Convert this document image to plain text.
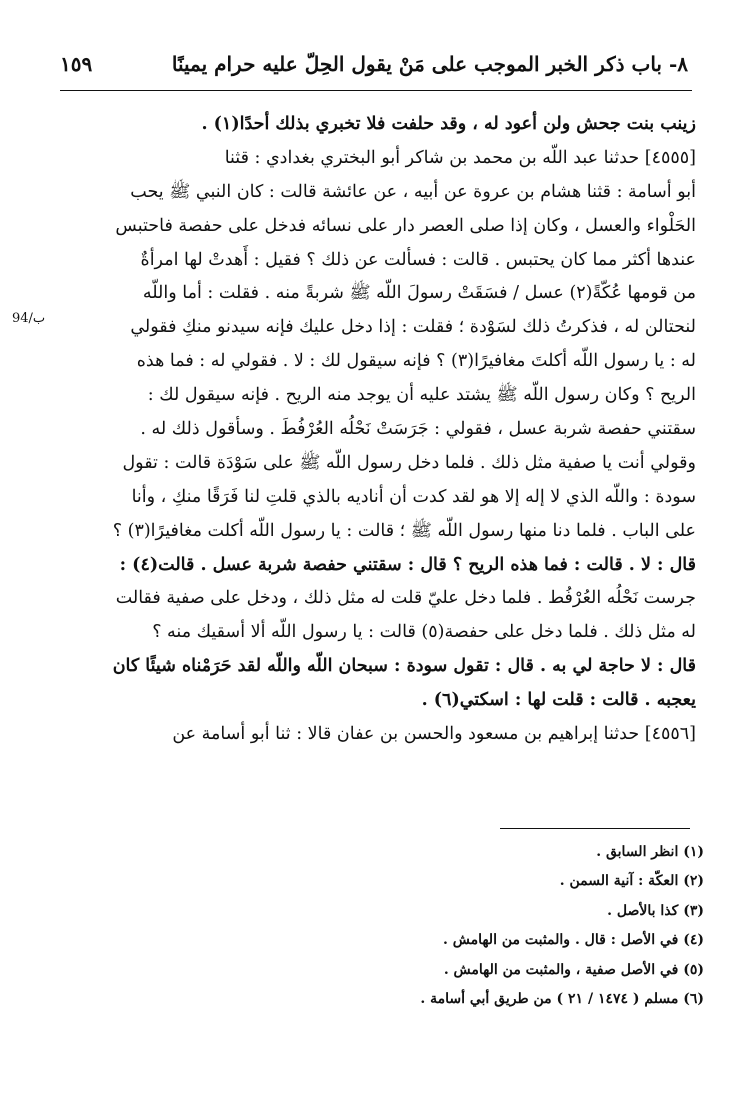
٨- باب ذكر الخبر الموجب على مَنْ يقول الحِلّ عليه حرام يمينًا
١٥٩
ب/94
زينب بنت جحش ولن أعود له ، وقد حلفت فلا تخبري بذلك أحدًا(١) .
[٤٥٥٥] حدثنا عبد اللّه بن محمد بن شاكر أبو البختري بغدادي : قثنا
أبو أسامة : قثنا هشام بن عروة عن أبيه ، عن عائشة قالت : كان النبي ﷺ يحب
الحَلْواء والعسل ، وكان إذا صلى العصر دار على نسائه فدخل على حفصة فاحتبس
عندها أكثر مما كان يحتبس . قالت : فسألت عن ذلك ؟ فقيل : أَهدتْ لها امرأةٌ
من قومها عُكّةً(٢) عسل / فسَقَتْ رسولَ اللّه ﷺ شربةً منه . فقلت : أما واللّه
لنحتالن له ، فذكرتُ ذلك لسَوْدة ؛ فقلت : إذا دخل عليك فإنه سيدنو منكِ فقولي
له : يا رسول اللّه أكلتَ مغافيرًا(٣) ؟ فإنه سيقول لك : لا . فقولي له : فما هذه
الريح ؟ وكان رسول اللّه ﷺ يشتد عليه أن يوجد منه الريح . فإنه سيقول لك :
سقتني حفصة شربة عسل ، فقولي : جَرَسَتْ نَحْلُه العُرْفُطَ . وسأقول ذلك له .
وقولي أنت يا صفية مثل ذلك . فلما دخل رسول اللّه ﷺ على سَوْدَة قالت : تقول
سودة : واللّه الذي لا إله إلا هو لقد كدت أن أناديه بالذي قلتِ لنا فَرَقًا منكِ ، وأنا
على الباب . فلما دنا منها رسول اللّه ﷺ ؛ قالت : يا رسول اللّه أكلت مغافيرًا(٣) ؟
قال : لا . قالت : فما هذه الريح ؟ قال : سقتني حفصة شربة عسل . قالت(٤) :
جرست نَحْلُه العُرْفُط . فلما دخل عليّ قلت له مثل ذلك ، ودخل على صفية فقالت
له مثل ذلك . فلما دخل على حفصة(٥) قالت : يا رسول اللّه ألا أسقيك منه ؟
قال : لا حاجة لي به . قال : تقول سودة : سبحان اللّه واللّه لقد حَرَمْناه شيئًا كان
يعجبه . قالت : قلت لها : اسكتي(٦) .
[٤٥٥٦] حدثنا إبراهيم بن مسعود والحسن بن عفان قالا : ثنا أبو أسامة عن
(١) انظر السابق .
(٢) العكّة : آنية السمن .
(٣) كذا بالأصل .
(٤) في الأصل : قال . والمثبت من الهامش .
(٥) في الأصل صفية ، والمثبت من الهامش .
(٦) مسلم ( ١٤٧٤ / ٢١ ) من طريق أبي أسامة .
